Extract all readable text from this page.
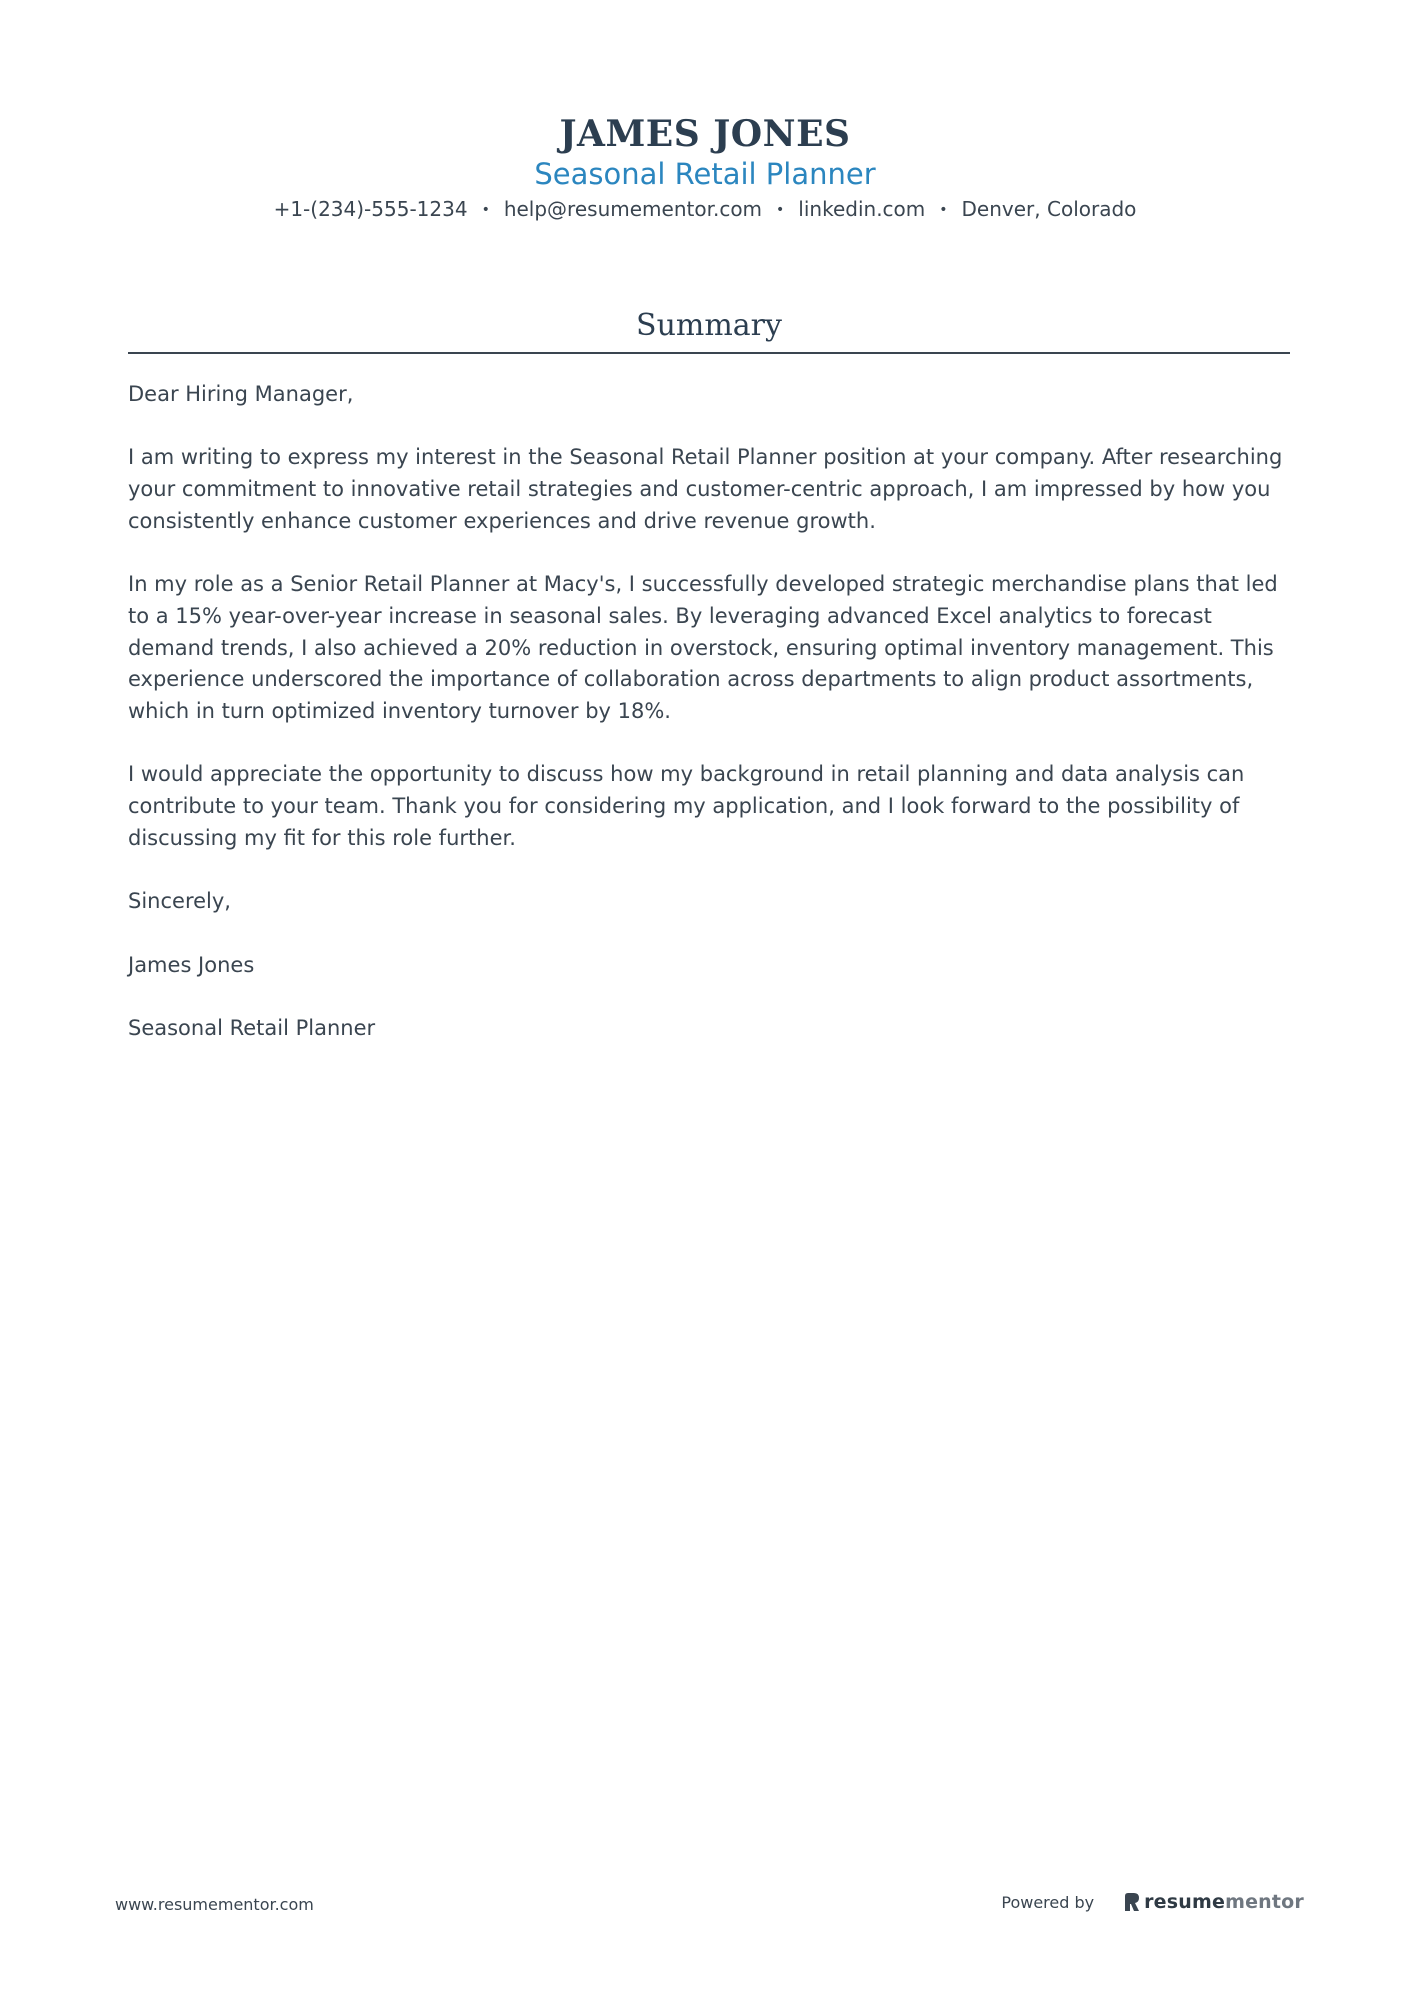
JAMES JONES
Seasonal Retail Planner
+1-(234)-555-1234 • help@resumementor.com • linkedin.com • Denver, Colorado
Summary

Dear Hiring Manager,

I am writing to express my interest in the Seasonal Retail Planner position at your company. After researching your commitment to innovative retail strategies and customer-centric approach, I am impressed by how you consistently enhance customer experiences and drive revenue growth.

In my role as a Senior Retail Planner at Macy's, I successfully developed strategic merchandise plans that led to a 15% year-over-year increase in seasonal sales. By leveraging advanced Excel analytics to forecast demand trends, I also achieved a 20% reduction in overstock, ensuring optimal inventory management. This experience underscored the importance of collaboration across departments to align product assortments, which in turn optimized inventory turnover by 18%.

I would appreciate the opportunity to discuss how my background in retail planning and data analysis can contribute to your team. Thank you for considering my application, and I look forward to the possibility of discussing my fit for this role further.

Sincerely,

James Jones

Seasonal Retail Planner

www.resumementor.com	Powered by	resumementor
